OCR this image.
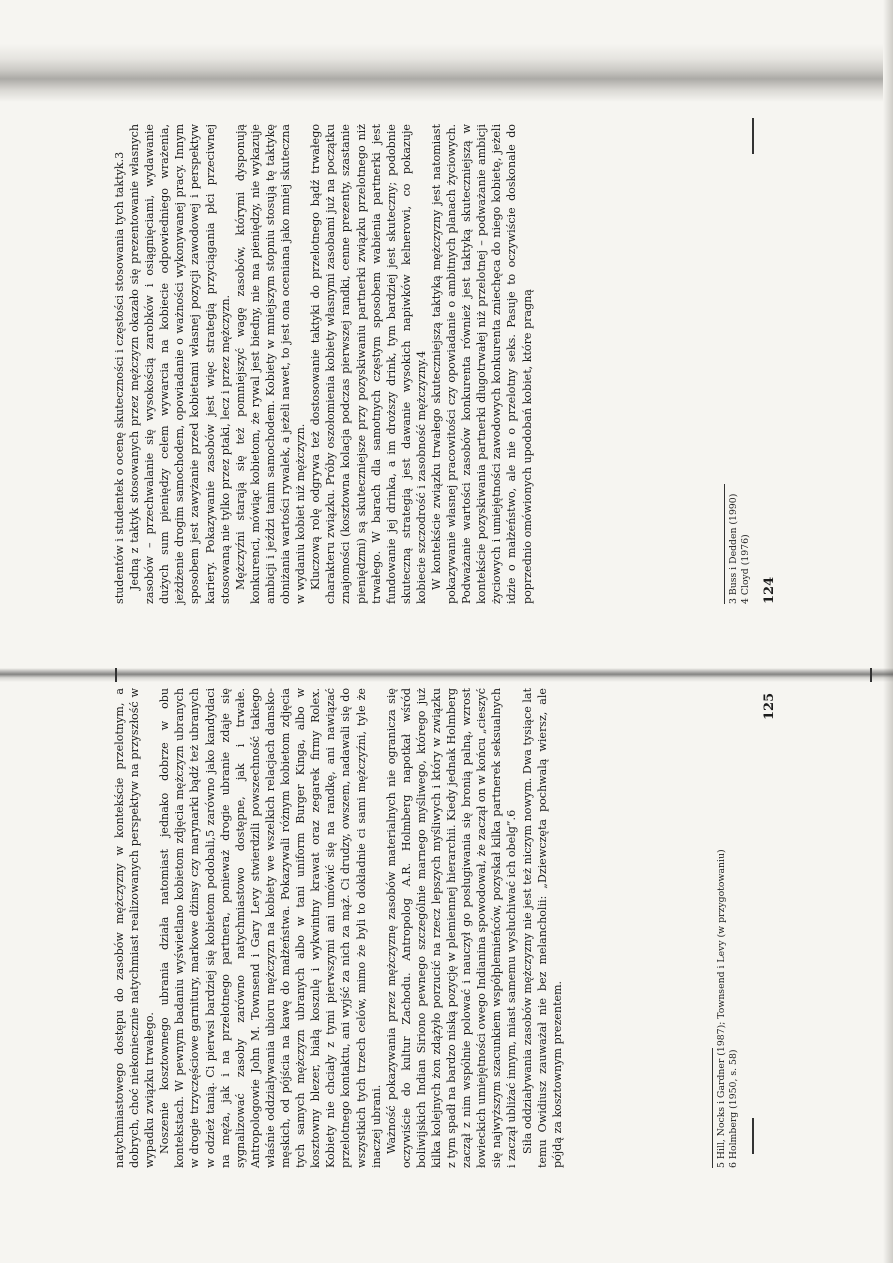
studentów i studentek o ocenę skuteczności i częstości stosowania tych taktyk.3 Jedną z taktyk stosowanych przez mężczyzn okazało się prezentowanie własnych zasobów – przechwalanie się wysokością zarobków i osiągnięciami, wydawanie dużych sum pieniędzy celem wywarcia na kobiecie odpowiedniego wrażenia, jeżdżenie drogim samochodem, opowiadanie o ważności wykonywanej pracy. Innym sposobem jest zawyżanie przed kobietami własnej pozycji zawodowej i perspektyw kariery. Pokazywanie zasobów jest więc strategią przyciągania płci przeciwnej stosowaną nie tylko przez ptaki, lecz i przez mężczyzn. Mężczyźni starają się też pomniejszyć wagę zasobów, którymi dysponują konkurenci, mówiąc kobietom, że rywal jest biedny, nie ma pieniędzy, nie wykazuje ambicji i jeździ tanim samochodem. Kobiety w mniejszym stopniu stosują tę taktykę obniżania wartości rywalek, a jeżeli nawet, to jest ona oceniana jako mniej skuteczna w wydaniu kobiet niż mężczyzn. Kluczową rolę odgrywa też dostosowanie taktyki do przelotnego bądź trwałego charakteru związku. Próby oszołomienia kobiety własnymi zasobami już na początku znajomości (kosztowna kolacja podczas pierwszej randki, cenne prezenty, szastanie pieniędzmi) są skuteczniejsze przy pozyskiwaniu partnerki związku przelotnego niż trwałego. W barach dla samotnych częstym sposobem wabienia partnerki jest fundowanie jej drinka, a im droższy drink, tym bardziej jest skuteczny; podobnie skuteczną strategią jest dawanie wysokich napiwków kelnerowi, co pokazuje kobiecie szczodrość i zasobność mężczyzny.4 W kontekście związku trwałego skuteczniejszą taktyką mężczyzny jest natomiast pokazywanie własnej pracowitości czy opowiadanie o ambitnych planach życiowych. Podważanie wartości zasobów konkurenta również jest taktyką skuteczniejszą w kontekście pozyskiwania partnerki długotrwałej niż przelotnej – podważanie ambicji życiowych i umiejętności zawodowych konkurenta zniechęca do niego kobietę, jeżeli idzie o małżeństwo, ale nie o przelotny seks. Pasuje to oczywiście doskonale do poprzednio omówionych upodobań kobiet, które pragną	3 Buss i Dedden (1990) 4 Cloyd (1976) 124

natychmiastowego dostępu do zasobów mężczyzny w kontekście przelotnym, a dobrych, choć niekoniecznie natychmiast realizowanych perspektyw na przyszłość w wypadku związku trwałego. Noszenie kosztownego ubrania działa natomiast jednako dobrze w obu kontekstach. W pewnym badaniu wyświetlano kobietom zdjęcia mężczyzn ubranych w drogie trzyczęściowe garnitury, markowe dżinsy czy marynarki bądź też ubranych w odzież tanią. Ci pierwsi bardziej się kobietom podobali,5 zarówno jako kandydaci na męża, jak i na przelotnego partnera, ponieważ drogie ubranie zdaje się sygnalizować zasoby zarówno natychmiastowo dostępne, jak i trwałe. Antropologowie John M. Townsend i Gary Levy stwierdzili powszechność takiego właśnie oddziaływania ubioru mężczyzn na kobiety we wszelkich relacjach damsko-męskich, od pójścia na kawę do małżeństwa. Pokazywali różnym kobietom zdjęcia tych samych mężczyzn ubranych albo w tani uniform Burger Kinga, albo w kosztowny blezer, białą koszulę i wykwintny krawat oraz zegarek firmy Rolex. Kobiety nie chciały z tymi pierwszymi ani umówić się na randkę, ani nawiązać przelotnego kontaktu, ani wyjść za nich za mąż. Ci drudzy, owszem, nadawali się do wszystkich tych trzech celów, mimo że byli to dokładnie ci sami mężczyźni, tyle że inaczej ubrani. Ważność pokazywania przez mężczyznę zasobów materialnych nie ogranicza się oczywiście do kultur Zachodu. Antropolog A.R. Holmberg napotkał wśród boliwijskich Indian Siriono pewnego szczególnie marnego myśliwego, którego już kilka kolejnych żon zdążyło porzucić na rzecz lepszych myśliwych i który w związku z tym spadł na bardzo niską pozycję w plemiennej hierarchii. Kiedy jednak Holmberg zaczął z nim wspólnie polować i nauczył go posługiwania się bronią palną, wzrost łowieckich umiejętności owego Indianina spowodował, że zaczął on w końcu „cieszyć się najwyższym szacunkiem współplemieńców, pozyskał kilka partnerek seksualnych i zaczął ubliżać innym, miast samemu wysłuchiwać ich obelg”.6 Siła oddziaływania zasobów mężczyzny nie jest też niczym nowym. Dwa tysiące lat temu Owidiusz zauważał nie bez melancholii: „Dziewczęta pochwalą wiersz, ale pójdą za kosztownym prezentem.	5 Hill, Nocks i Gardner (1987); Townsend i Levy (w przygotowaniu) 6 Holmberg (1950, s. 58)
125
